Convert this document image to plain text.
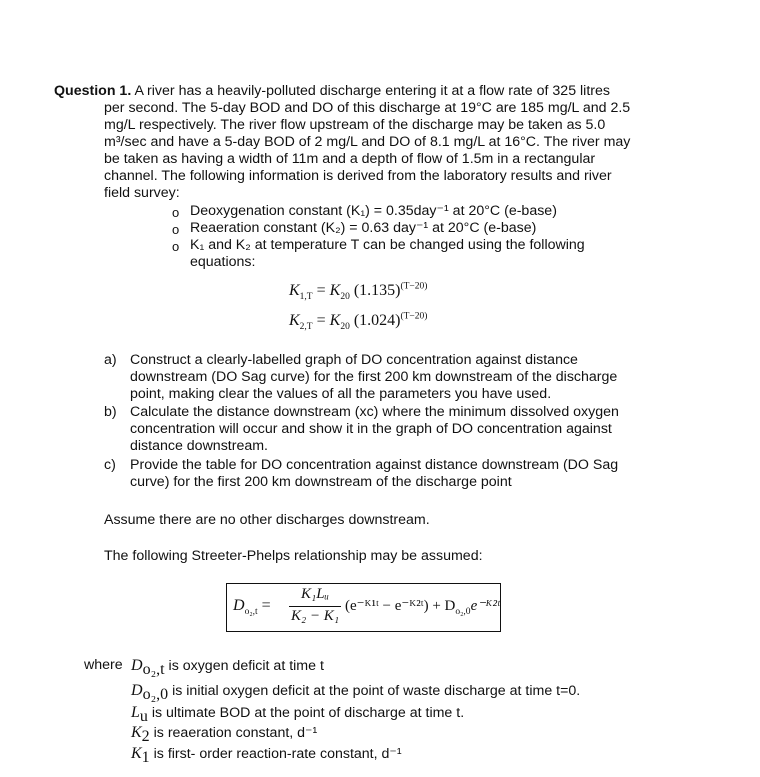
Question 1. A river has a heavily-polluted discharge entering it at a flow rate of 325 litres
per second. The 5-day BOD and DO of this discharge at 19°C are 185 mg/L and 2.5
mg/L respectively. The river flow upstream of the discharge may be taken as 5.0
m³/sec and have a 5-day BOD of 2 mg/L and DO of 8.1 mg/L at 16°C. The river may
be taken as having a width of 11m and a depth of flow of 1.5m in a rectangular
channel. The following information is derived from the laboratory results and river
field survey:
o Deoxygenation constant (K₁) = 0.35day⁻¹ at 20°C (e-base)
o Reaeration constant (K₂) = 0.63 day⁻¹ at 20°C (e-base)
o K₁ and K₂ at temperature T can be changed using the following
equations:
$K_{1,T} = K_{20}$ $(1.135)^{(T-20)}$
$K_{2,T} = K_{20}$ $(1.024)^{(T-20)}$
a) Construct a clearly-labelled graph of DO concentration against distance
downstream (DO Sag curve) for the first 200 km downstream of the discharge
point, making clear the values of all the parameters you have used.
b) Calculate the distance downstream (xᴄ) where the minimum dissolved oxygen
concentration will occur and show it in the graph of DO concentration against
distance downstream.
c) Provide the table for DO concentration against distance downstream (DO Sag
curve) for the first 200 km downstream of the discharge point
Assume there are no other discharges downstream.
The following Streeter-Phelps relationship may be assumed:
$D_{o_2,t}$ =
K₁Lᵤ
K₂ − K₁
(e⁻ᴷ¹ᵗ − e⁻ᴷ²ᵗ) + $D_{o_2,0}e^-ᴷ^2ᵗ$
where $D_{o_2,t}$ is oxygen deficit at time t
$D_{o_2,0}$ is initial oxygen deficit at the point of waste discharge at time t=0.
$L_u$ is ultimate BOD at the point of discharge at time t.
$K_2$ is reaeration constant, d⁻¹
$K_1$ is first- order reaction-rate constant, d⁻¹
